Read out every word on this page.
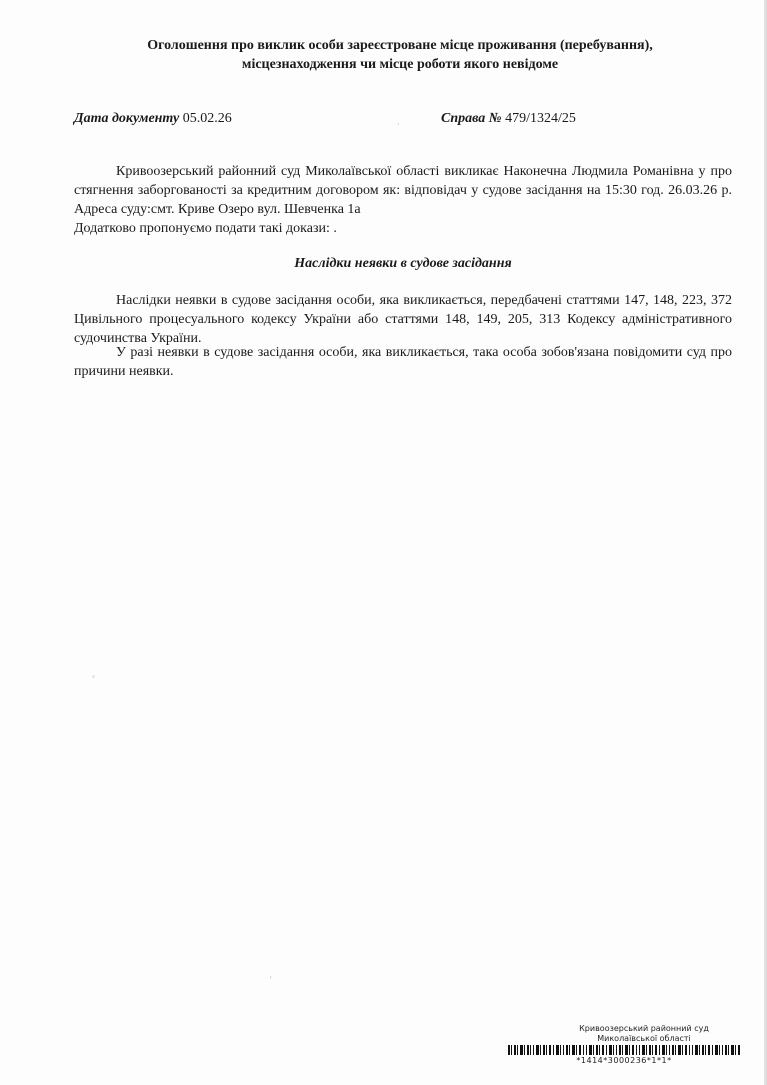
Оголошення про виклик особи зареєстроване місце проживання (перебування),
місцезнаходження чи місце роботи якого невідоме
Дата документу 05.02.26	Справа № 479/1324/25

Кривоозерський районний суд Миколаївської області викликає Наконечна Людмила Романівна у про стягнення заборгованості за кредитним договором як: відповідач у судове засідання на 15:30 год. 26.03.26 р. Адреса суду:смт. Криве Озеро вул. Шевченка 1а

Додатково пропонуємо подати такі докази: .

Наслідки неявки в судове засідання

Наслідки неявки в судове засідання особи, яка викликається, передбачені статтями 147, 148, 223, 372 Цивільного процесуального кодексу України або статтями 148, 149, 205, 313 Кодексу адміністративного судочинства України.

У разі неявки в судове засідання особи, яка викликається, така особа зобов'язана повідомити суд про причини неявки.

◦
′
·
Кривоозерський районний суд
Миколаївської області
*1414*3000236*1*1*
